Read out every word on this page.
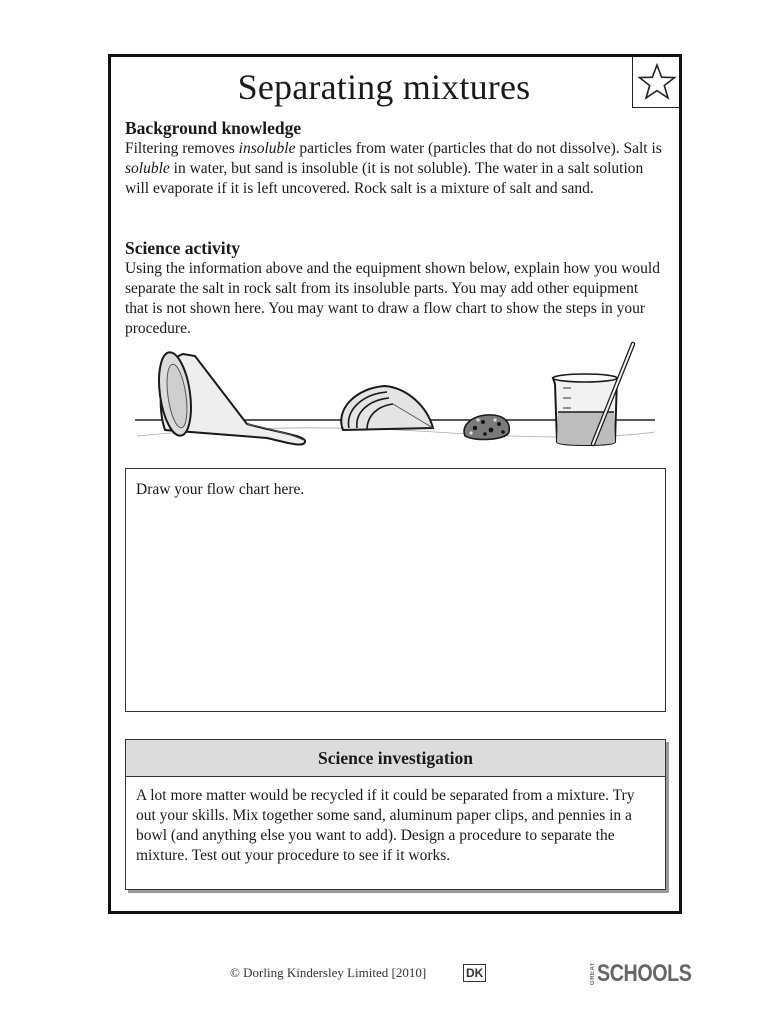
Separating mixtures
Background knowledge
Filtering removes insoluble particles from water (particles that do not dissolve). Salt is soluble in water, but sand is insoluble (it is not soluble). The water in a salt solution will evaporate if it is left uncovered. Rock salt is a mixture of salt and sand.
Science activity
Using the information above and the equipment shown below, explain how you would separate the salt in rock salt from its insoluble parts. You may add other equipment that is not shown here. You may want to draw a flow chart to show the steps in your procedure.
Draw your flow chart here.
Science investigation
A lot more matter would be recycled if it could be separated from a mixture. Try out your skills. Mix together some sand, aluminum paper clips, and pennies in a bowl (and anything else you want to add). Design a procedure to separate the mixture. Test out your procedure to see if it works.
© Dorling Kindersley Limited [2010]	DK	GREAT SCHOOLS
